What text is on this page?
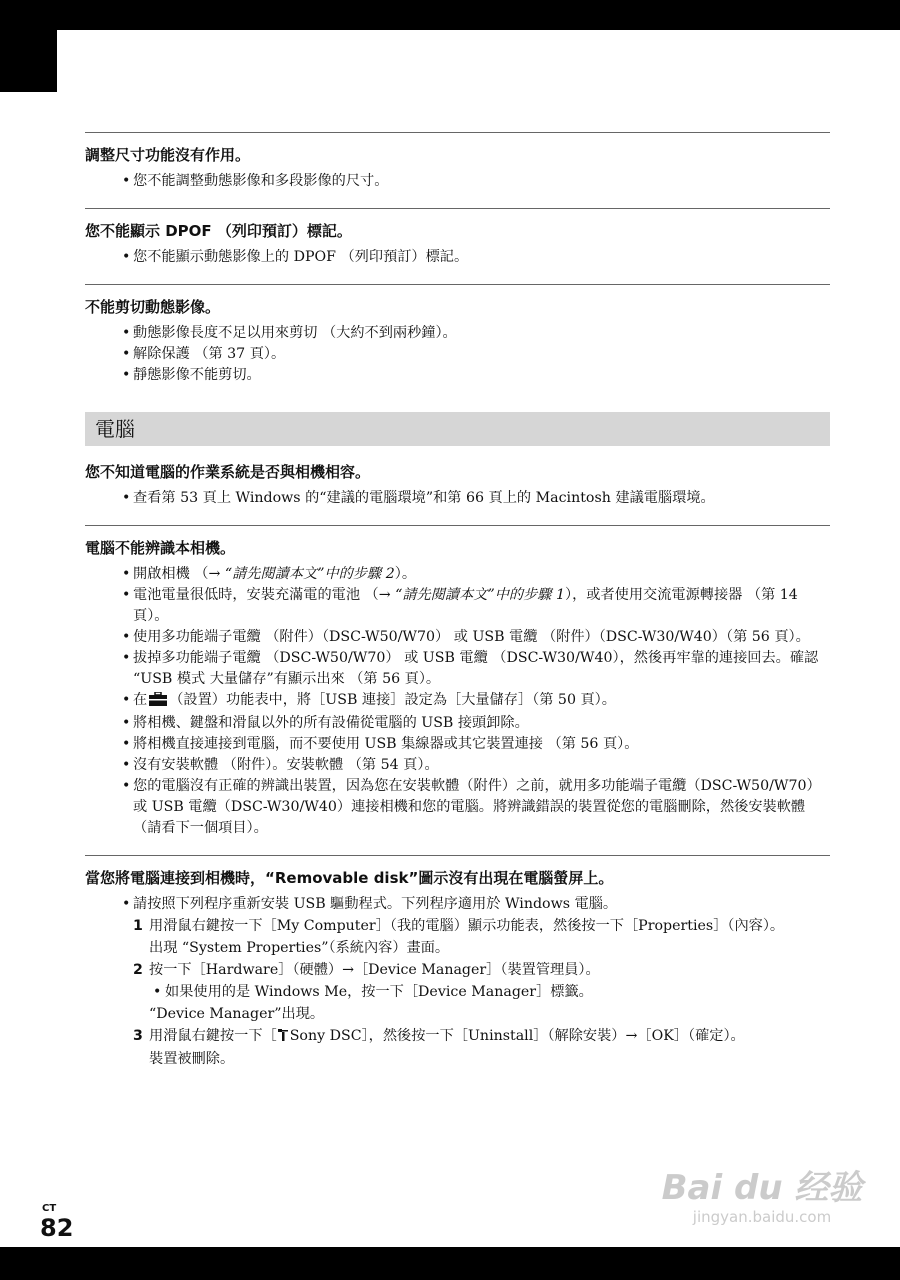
調整尺寸功能沒有作用。
• 您不能調整動態影像和多段影像的尺寸。
您不能顯示 DPOF （列印預訂）標記。
• 您不能顯示動態影像上的 DPOF （列印預訂）標記。
不能剪切動態影像。
• 動態影像長度不足以用來剪切 （大約不到兩秒鐘）。
• 解除保護 （第 37 頁）。
• 靜態影像不能剪切。
電腦
您不知道電腦的作業系統是否與相機相容。
• 查看第 53 頁上 Windows 的“建議的電腦環境”和第 66 頁上的 Macintosh 建議電腦環境。
電腦不能辨識本相機。
• 開啟相機 （→ “請先閱讀本文”中的步驟 2）。
• 電池電量很低時，安裝充滿電的電池 （→ “請先閱讀本文”中的步驟 1），或者使用交流電源轉接器 （第 14 頁）。
• 使用多功能端子電纜 （附件）（DSC-W50/W70） 或 USB 電纜 （附件）（DSC-W30/W40）（第 56 頁）。
• 拔掉多功能端子電纜 （DSC-W50/W70） 或 USB 電纜 （DSC-W30/W40），然後再牢靠的連接回去。確認 “USB 模式 大量儲存”有顯示出來 （第 56 頁）。
• 在 （設置）功能表中，將［USB 連接］設定為［大量儲存］（第 50 頁）。
• 將相機、鍵盤和滑鼠以外的所有設備從電腦的 USB 接頭卸除。
• 將相機直接連接到電腦，而不要使用 USB 集線器或其它裝置連接 （第 56 頁）。
• 沒有安裝軟體 （附件）。安裝軟體 （第 54 頁）。
• 您的電腦沒有正確的辨識出裝置，因為您在安裝軟體（附件）之前，就用多功能端子電纜（DSC-W50/W70） 或 USB 電纜（DSC-W30/W40）連接相機和您的電腦。將辨識錯誤的裝置從您的電腦刪除，然後安裝軟體 （請看下一個項目）。
當您將電腦連接到相機時，“Removable disk”圖示沒有出現在電腦螢屏上。
• 請按照下列程序重新安裝 USB 驅動程式。下列程序適用於 Windows 電腦。
1 用滑鼠右鍵按一下［My Computer］（我的電腦）顯示功能表，然後按一下［Properties］（內容）。
出現 “System Properties”（系統內容）畫面。
2 按一下［Hardware］（硬體）→［Device Manager］（裝置管理員）。
• 如果使用的是 Windows Me，按一下［Device Manager］標籤。
“Device Manager”出現。
3 用滑鼠右鍵按一下［ Sony DSC］，然後按一下［Uninstall］（解除安裝）→［OK］（確定）。
裝置被刪除。
CT
82
Bai du 经验
jingyan.baidu.com
